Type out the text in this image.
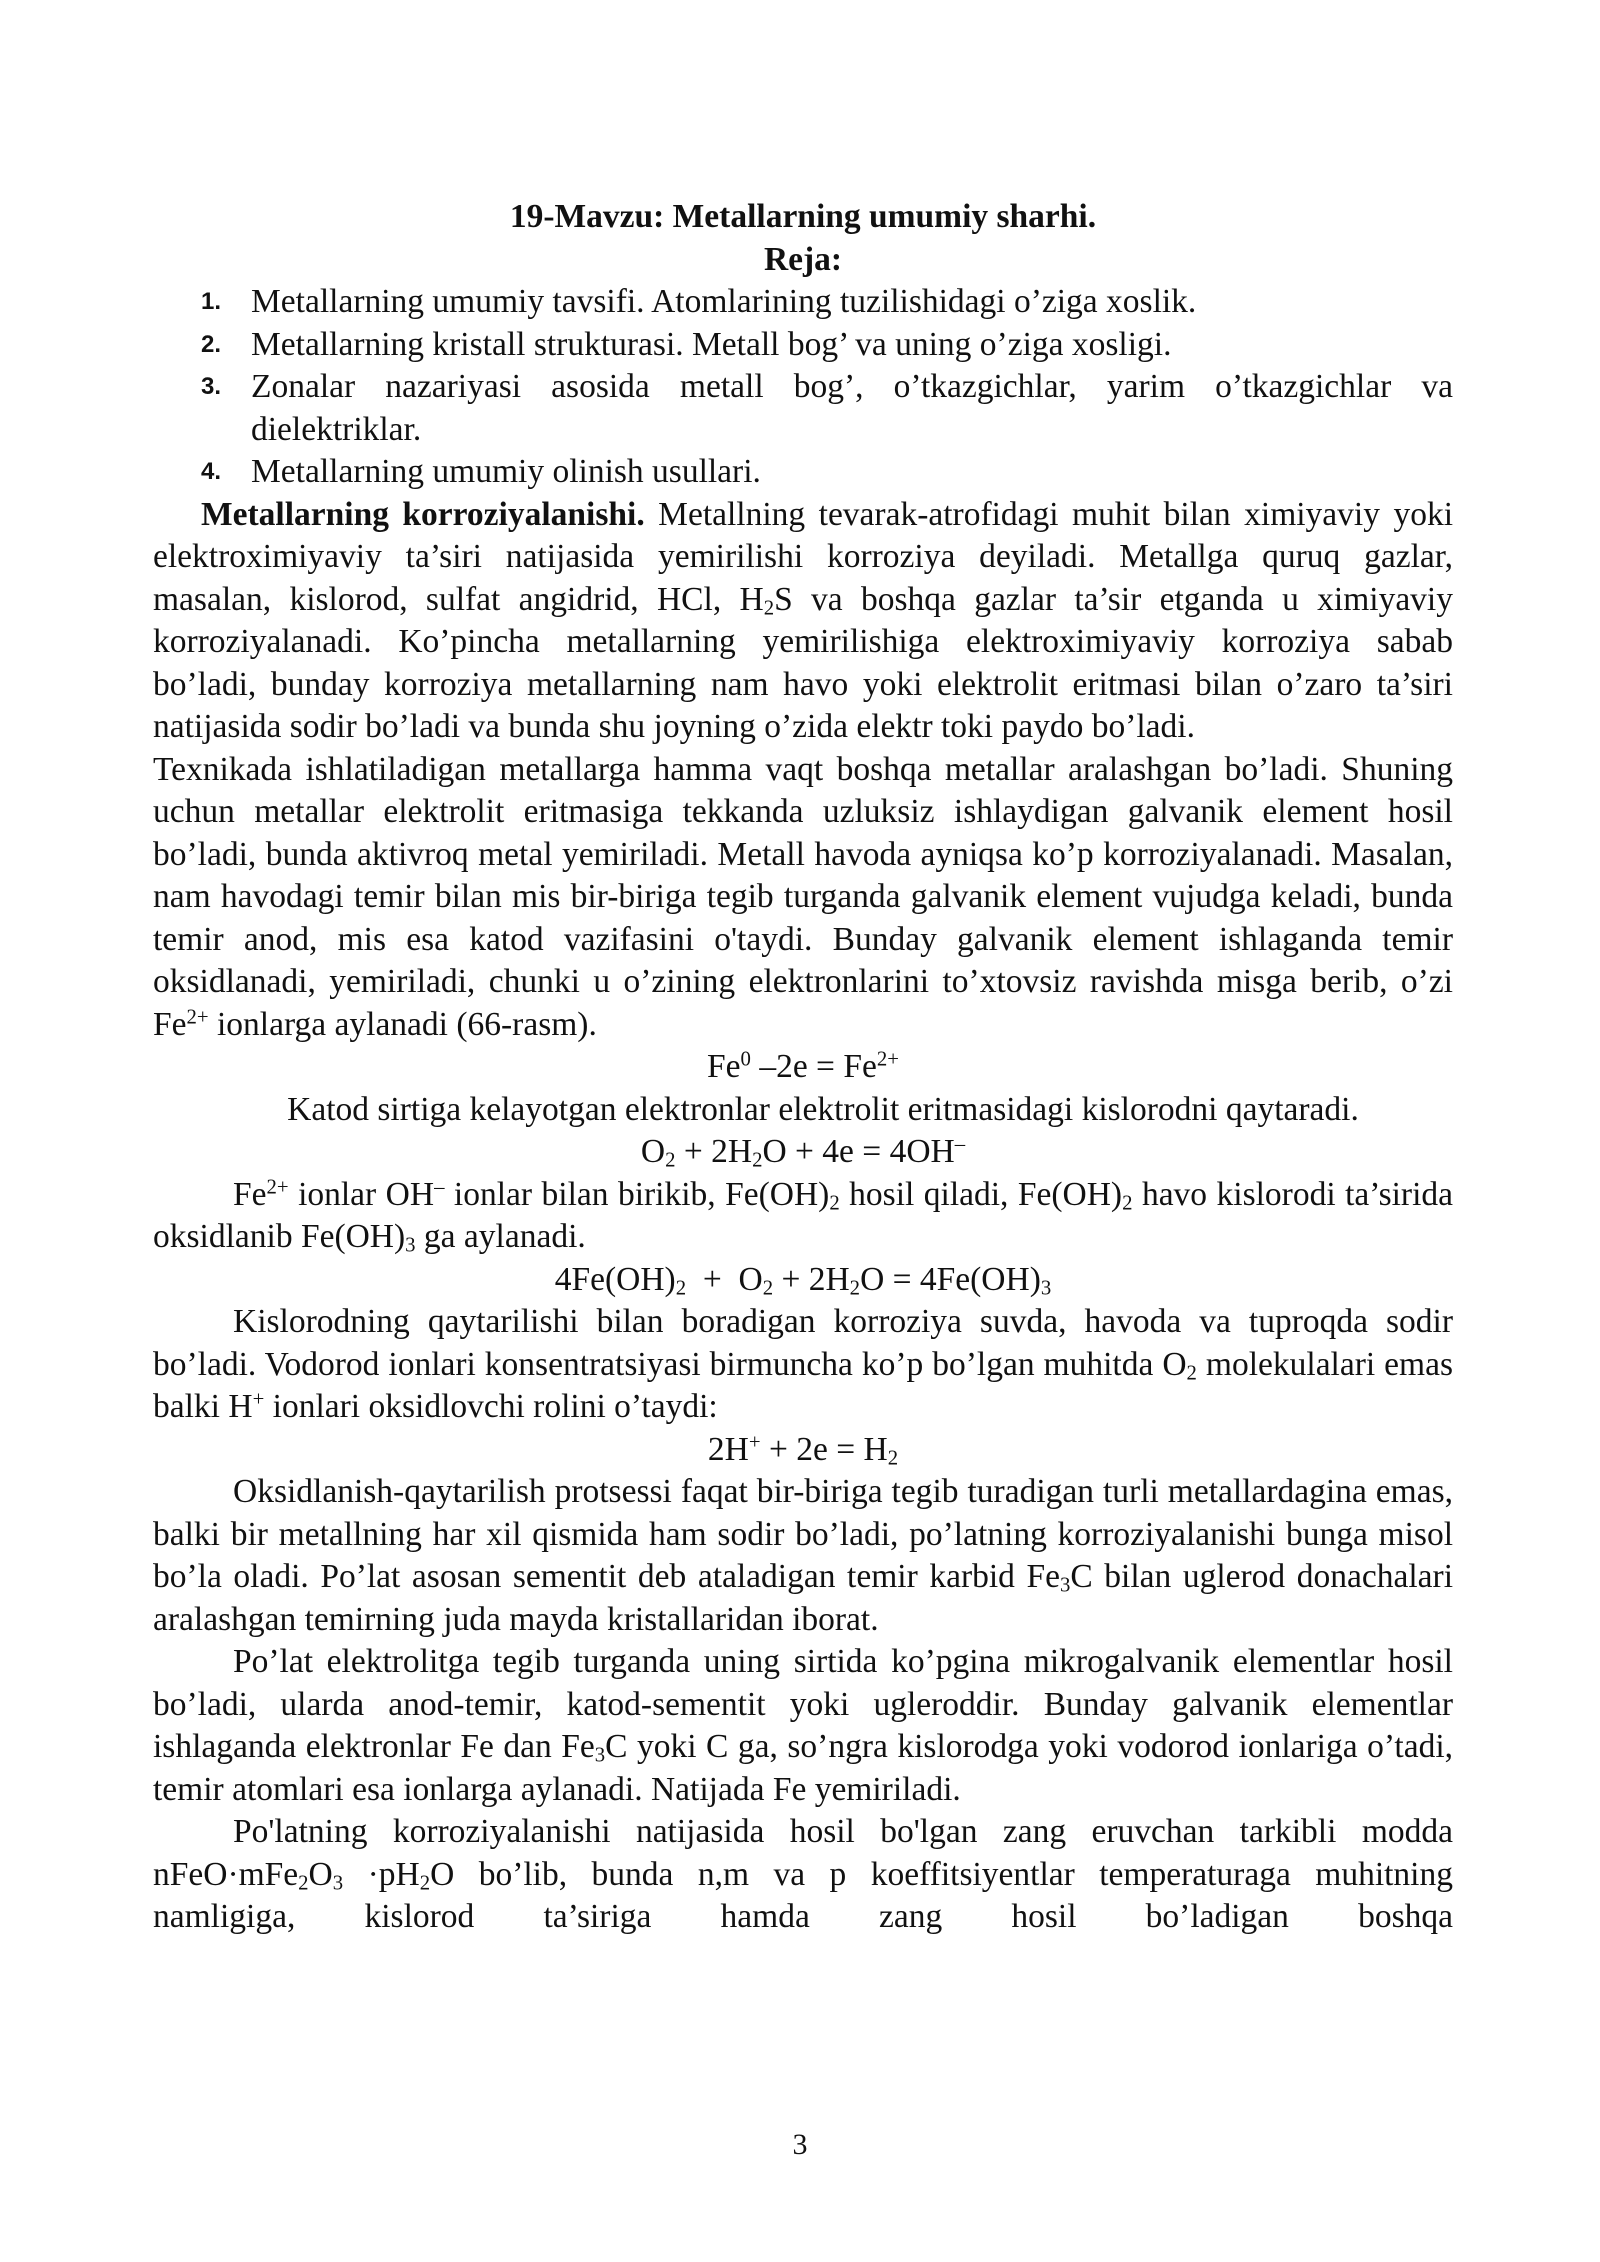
19-Mavzu: Metallarning umumiy sharhi.

Reja:

1. Metallarning umumiy tavsifi. Atomlarining tuzilishidagi o’ziga xoslik.
2. Metallarning kristall strukturasi. Metall bog’ va uning o’ziga xosligi.
3. Zonalar nazariyasi asosida metall bog’, o’tkazgichlar, yarim o’tkazgichlar va dielektriklar.
4. Metallarning umumiy olinish usullari.

Metallarning korroziyalanishi. Metallning tevarak-atrofidagi muhit bilan ximiyaviy yoki elektroximiyaviy ta’siri natijasida yemirilishi korroziya deyiladi. Metallga quruq gazlar, masalan, kislorod, sulfat angidrid, HCl, $H_2S$ va boshqa gazlar ta’sir etganda u ximiyaviy korroziyalanadi. Ko’pincha metallarning yemirilishiga elektroximiyaviy korroziya sabab bo’ladi, bunday korroziya metallarning nam havo yoki elektrolit eritmasi bilan o’zaro ta’siri natijasida sodir bo’ladi va bunda shu joyning o’zida elektr toki paydo bo’ladi.

Texnikada ishlatiladigan metallarga hamma vaqt boshqa metallar aralashgan bo’ladi. Shuning uchun metallar elektrolit eritmasiga tekkanda uzluksiz ishlaydigan galvanik element hosil bo’ladi, bunda aktivroq metal yemiriladi. Metall havoda ayniqsa ko’p korroziyalanadi. Masalan, nam havodagi temir bilan mis bir-biriga tegib turganda galvanik element vujudga keladi, bunda temir anod, mis esa katod vazifasini o'taydi. Bunday galvanik element ishlaganda temir oksidlanadi, yemiriladi, chunki u o’zining elektronlarini to’xtovsiz ravishda misga berib, o’zi $Fe^{2+}$ ionlarga aylanadi (66-rasm).

Fe$^0$ $-2e = Fe^{2+}$

Katod sirtiga kelayotgan elektronlar elektrolit eritmasidagi kislorodni qaytaradi.

$O_2 + 2H_2O + 4e = 4OH^-$

$Fe^{2+}$ ionlar OH– ionlar bilan birikib, $Fe(OH)_2$ hosil qiladi, $Fe(OH)_2$ havo kislorodi ta’sirida oksidlanib $Fe(OH)_3$ ga aylanadi.

$4Fe(OH)_2 + O_2 + 2H_2O = 4Fe(OH)_3$

Kislorodning qaytarilishi bilan boradigan korroziya suvda, havoda va tuproqda sodir bo’ladi. Vodorod ionlari konsentratsiyasi birmuncha ko’p bo’lgan muhitda $O_2$ molekulalari emas balki H+ ionlari oksidlovchi rolini o’taydi:

$2H^+ + 2e = H_2$

Oksidlanish-qaytarilish protsessi faqat bir-biriga tegib turadigan turli metallardagina emas, balki bir metallning har xil qismida ham sodir bo’ladi, po’latning korroziyalanishi bunga misol bo’la oladi. Po’lat asosan sementit deb ataladigan temir karbid $Fe_3C$ bilan uglerod donachalari aralashgan temirning juda mayda kristallaridan iborat.

Po’lat elektrolitga tegib turganda uning sirtida ko’pgina mikrogalvanik elementlar hosil bo’ladi, ularda anod-temir, katod-sementit yoki ugleroddir. Bunday galvanik elementlar ishlaganda elektronlar Fe dan $Fe_3C$ yoki C ga, so’ngra kislorodga yoki vodorod ionlariga o’tadi, temir atomlari esa ionlarga aylanadi. Natijada Fe yemiriladi.

Po'latning korroziyalanishi natijasida hosil bo'lgan zang eruvchan tarkibli modda $nFeO\cdot mFe_2O_3 \cdot pH_2O$ bo’lib, bunda n,m va p koeffitsiyentlar temperaturaga muhitning namligiga, kislorod ta’siriga hamda zang hosil bo’ladigan boshqa

3
